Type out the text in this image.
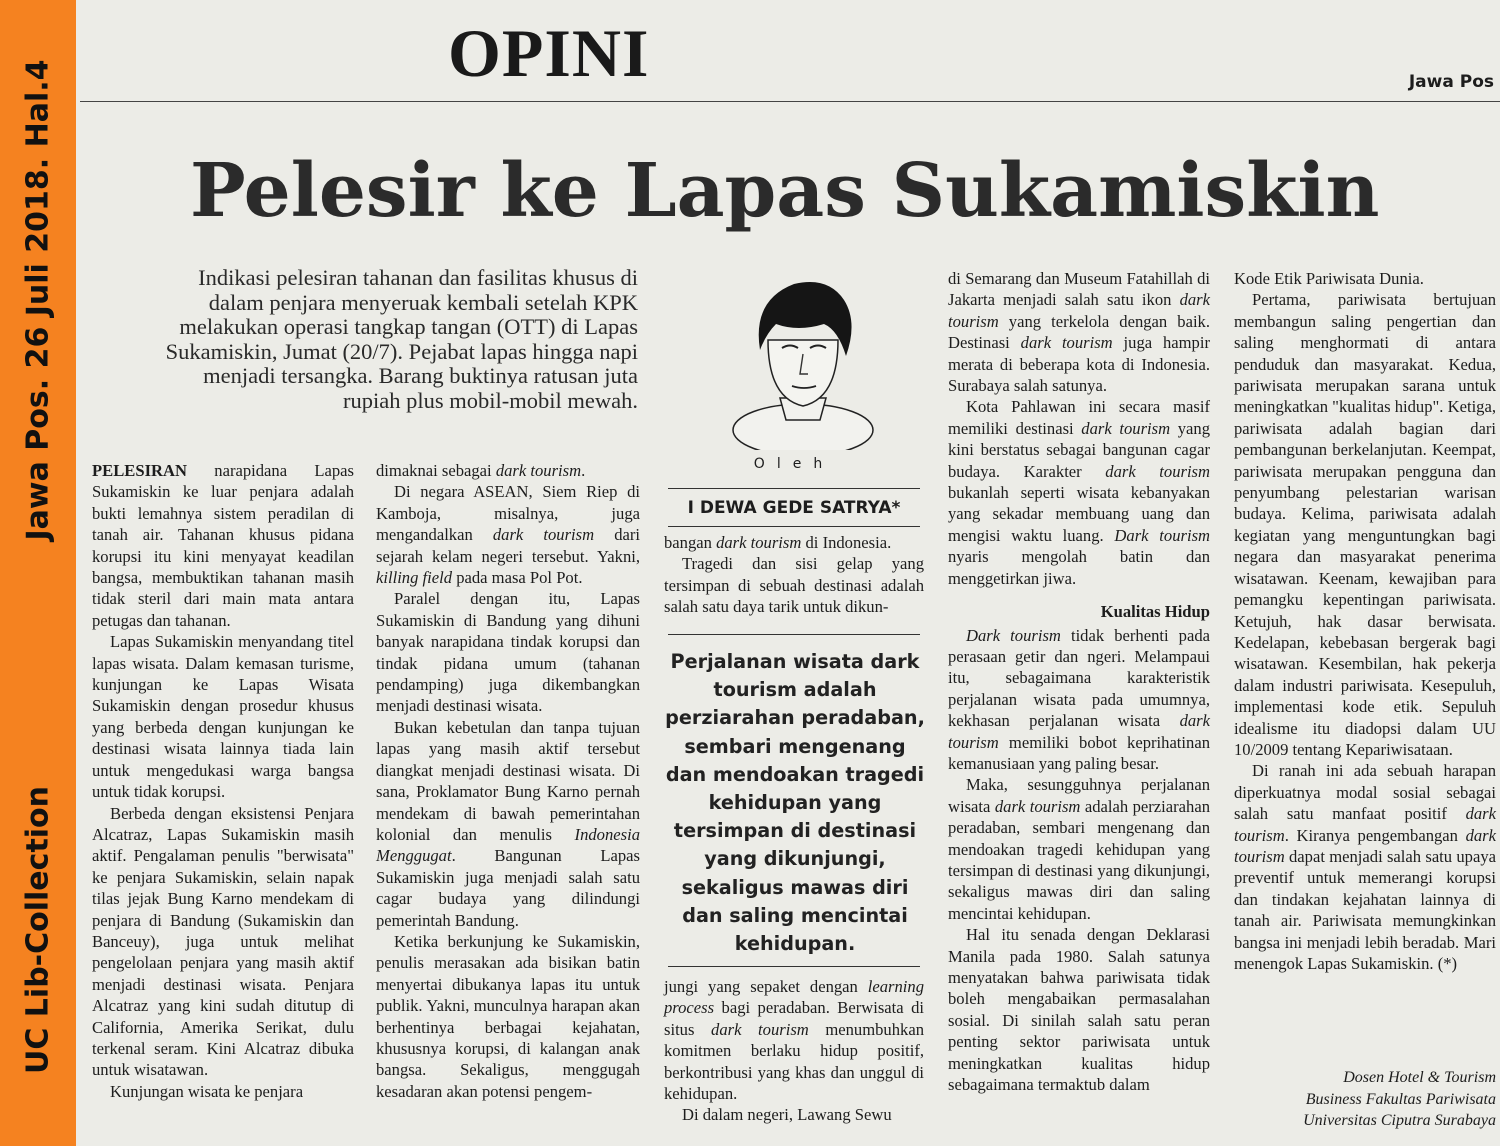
Jawa Pos. 26 Juli 2018. Hal.4
UC Lib-Collection
OPINI	Jawa Pos
Pelesir ke Lapas Sukamiskin
Indikasi pelesiran tahanan dan fasilitas khusus di dalam penjara menyeruak kembali setelah KPK melakukan operasi tangkap tangan (OTT) di Lapas Sukamiskin, Jumat (20/7). Pejabat lapas hingga napi menjadi tersangka. Barang buktinya ratusan juta rupiah plus mobil-mobil mewah.

PELESIRAN narapidana Lapas Sukamiskin ke luar penjara adalah bukti lemahnya sistem peradilan di tanah air. Tahanan khusus pidana korupsi itu kini menyayat keadilan bangsa, membuktikan tahanan masih tidak steril dari main mata antara petugas dan tahanan.

Lapas Sukamiskin menyandang titel lapas wisata. Dalam kemasan turisme, kunjungan ke Lapas Wisata Sukamiskin dengan prosedur khusus yang berbeda dengan kunjungan ke destinasi wisata lainnya tiada lain untuk mengedukasi warga bangsa untuk tidak korupsi.

Berbeda dengan eksistensi Penjara Alcatraz, Lapas Sukamiskin masih aktif. Pengalaman penulis "berwisata" ke penjara Sukamiskin, selain napak tilas jejak Bung Karno mendekam di penjara di Bandung (Sukamiskin dan Banceuy), juga untuk melihat pengelolaan penjara yang masih aktif menjadi destinasi wisata. Penjara Alcatraz yang kini sudah ditutup di California, Amerika Serikat, dulu terkenal seram. Kini Alcatraz dibuka untuk wisatawan.

Kunjungan wisata ke penjara

dimaknai sebagai dark tourism.

Di negara ASEAN, Siem Riep di Kamboja, misalnya, juga mengandalkan dark tourism dari sejarah kelam negeri tersebut. Yakni, killing field pada masa Pol Pot.

Paralel dengan itu, Lapas Sukamiskin di Bandung yang dihuni banyak narapidana tindak korupsi dan tindak pidana umum (tahanan pendamping) juga dikembangkan menjadi destinasi wisata.

Bukan kebetulan dan tanpa tujuan lapas yang masih aktif tersebut diangkat menjadi destinasi wisata. Di sana, Proklamator Bung Karno pernah mendekam di bawah pemerintahan kolonial dan menulis Indonesia Menggugat. Bangunan Lapas Sukamiskin juga menjadi salah satu cagar budaya yang dilindungi pemerintah Bandung.

Ketika berkunjung ke Sukamiskin, penulis merasakan ada bisikan batin menyertai dibukanya lapas itu untuk publik. Yakni, munculnya harapan akan berhentinya berbagai kejahatan, khususnya korupsi, di kalangan anak bangsa. Sekaligus, menggugah kesadaran akan potensi pengem-

Oleh
I DEWA GEDE SATRYA*

bangan dark tourism di Indonesia.

Tragedi dan sisi gelap yang tersimpan di sebuah destinasi adalah salah satu daya tarik untuk dikun-

Perjalanan wisata dark tourism adalah perziarahan peradaban, sembari mengenang dan mendoakan tragedi kehidupan yang tersimpan di destinasi yang dikunjungi, sekaligus mawas diri dan saling mencintai kehidupan.

jungi yang sepaket dengan learning process bagi peradaban. Berwisata di situs dark tourism menumbuhkan komitmen berlaku hidup positif, berkontribusi yang khas dan unggul di kehidupan.

Di dalam negeri, Lawang Sewu

di Semarang dan Museum Fatahillah di Jakarta menjadi salah satu ikon dark tourism yang terkelola dengan baik. Destinasi dark tourism juga hampir merata di beberapa kota di Indonesia. Surabaya salah satunya.

Kota Pahlawan ini secara masif memiliki destinasi dark tourism yang kini berstatus sebagai bangunan cagar budaya. Karakter dark tourism bukanlah seperti wisata kebanyakan yang sekadar membuang uang dan mengisi waktu luang. Dark tourism nyaris mengolah batin dan menggetirkan jiwa.

Kualitas Hidup

Dark tourism tidak berhenti pada perasaan getir dan ngeri. Melampaui itu, sebagaimana karakteristik perjalanan wisata pada umumnya, kekhasan perjalanan wisata dark tourism memiliki bobot keprihatinan kemanusiaan yang paling besar.

Maka, sesungguhnya perjalanan wisata dark tourism adalah perziarahan peradaban, sembari mengenang dan mendoakan tragedi kehidupan yang tersimpan di destinasi yang dikunjungi, sekaligus mawas diri dan saling mencintai kehidupan.

Hal itu senada dengan Deklarasi Manila pada 1980. Salah satunya menyatakan bahwa pariwisata tidak boleh mengabaikan permasalahan sosial. Di sinilah salah satu peran penting sektor pariwisata untuk meningkatkan kualitas hidup sebagaimana termaktub dalam

Kode Etik Pariwisata Dunia.

Pertama, pariwisata bertujuan membangun saling pengertian dan saling menghormati di antara penduduk dan masyarakat. Kedua, pariwisata merupakan sarana untuk meningkatkan "kualitas hidup". Ketiga, pariwisata adalah bagian dari pembangunan berkelanjutan. Keempat, pariwisata merupakan pengguna dan penyumbang pelestarian warisan budaya. Kelima, pariwisata adalah kegiatan yang menguntungkan bagi negara dan masyarakat penerima wisatawan. Keenam, kewajiban para pemangku kepentingan pariwisata. Ketujuh, hak dasar berwisata. Kedelapan, kebebasan bergerak bagi wisatawan. Kesembilan, hak pekerja dalam industri pariwisata. Kesepuluh, implementasi kode etik. Sepuluh idealisme itu diadopsi dalam UU 10/2009 tentang Kepariwisataan.

Di ranah ini ada sebuah harapan diperkuatnya modal sosial sebagai salah satu manfaat positif dark tourism. Kiranya pengembangan dark tourism dapat menjadi salah satu upaya preventif untuk memerangi korupsi dan tindakan kejahatan lainnya di tanah air. Pariwisata memungkinkan bangsa ini menjadi lebih beradab. Mari menengok Lapas Sukamiskin. (*)

Dosen Hotel & Tourism
Business Fakultas Pariwisata
Universitas Ciputra Surabaya
